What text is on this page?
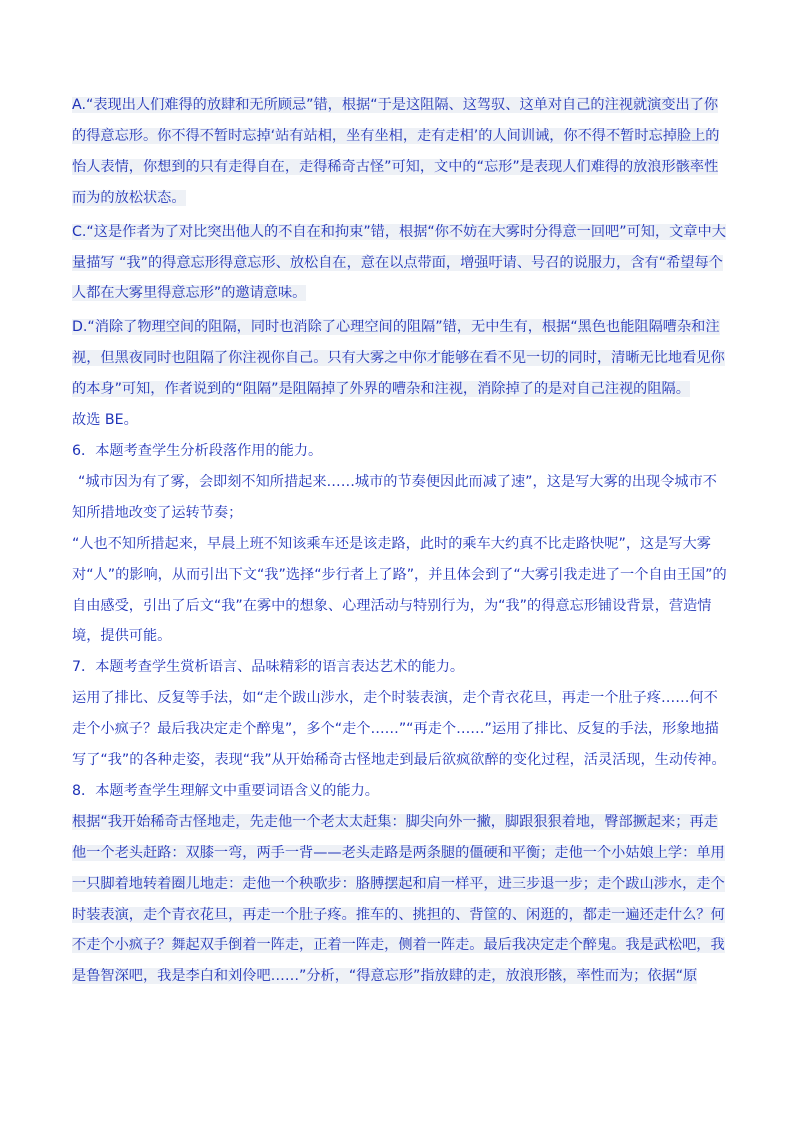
A.“表现出人们难得的放肆和无所顾忌”错，根据“于是这阻隔、这驾驭、这单对自己的注视就演变出了你的得意忘形。你不得不暂时忘掉‘站有站相，坐有坐相，走有走相’的人间训诫，你不得不暂时忘掉脸上的怡人表情，你想到的只有走得自在，走得稀奇古怪”可知，文中的“忘形”是表现人们难得的放浪形骸率性而为的放松状态。

C.“这是作者为了对比突出他人的不自在和拘束”错，根据“你不妨在大雾时分得意一回吧”可知，文章中大量描写 “我”的得意忘形得意忘形、放松自在，意在以点带面，增强吁请、号召的说服力，含有“希望每个人都在大雾里得意忘形”的邀请意味。

D.“消除了物理空间的阻隔，同时也消除了心理空间的阻隔”错，无中生有，根据“黑色也能阻隔嘈杂和注视，但黑夜同时也阻隔了你注视你自己。只有大雾之中你才能够在看不见一切的同时，清晰无比地看见你的本身”可知，作者说到的“阻隔”是阻隔掉了外界的嘈杂和注视，消除掉了的是对自己注视的阻隔。

故选 BE。

6．本题考查学生分析段落作用的能力。

“城市因为有了雾，会即刻不知所措起来……城市的节奏便因此而减了速”，这是写大雾的出现令城市不知所措地改变了运转节奏；

“人也不知所措起来，早晨上班不知该乘车还是该走路，此时的乘车大约真不比走路快呢”，这是写大雾对“人”的影响，从而引出下文“我”选择“步行者上了路”，并且体会到了“大雾引我走进了一个自由王国”的自由感受，引出了后文“我”在雾中的想象、心理活动与特别行为，为“我”的得意忘形铺设背景，营造情境，提供可能。

7．本题考查学生赏析语言、品味精彩的语言表达艺术的能力。

运用了排比、反复等手法，如“走个跋山涉水，走个时装表演，走个青衣花旦，再走一个肚子疼……何不走个小疯子？最后我决定走个醉鬼”，多个“走个……”“再走个……”运用了排比、反复的手法，形象地描写了“我”的各种走姿，表现“我”从开始稀奇古怪地走到最后欲疯欲醉的变化过程，活灵活现，生动传神。

8．本题考查学生理解文中重要词语含义的能力。

根据“我开始稀奇古怪地走，先走他一个老太太赶集：脚尖向外一撇，脚跟狠狠着地，臀部撅起来；再走他一个老头赶路：双膝一弯，两手一背——老头走路是两条腿的僵硬和平衡；走他一个小姑娘上学：单用一只脚着地转着圈儿地走：走他一个秧歌步：胳膊摆起和肩一样平，进三步退一步；走个跋山涉水，走个时装表演，走个青衣花旦，再走一个肚子疼。推车的、挑担的、背筐的、闲逛的，都走一遍还走什么？何不走个小疯子？舞起双手倒着一阵走，正着一阵走，侧着一阵走。最后我决定走个醉鬼。我是武松吧，我是鲁智深吧，我是李白和刘伶吧……”分析，“得意忘形”指放肆的走，放浪形骸，率性而为；依据“原
